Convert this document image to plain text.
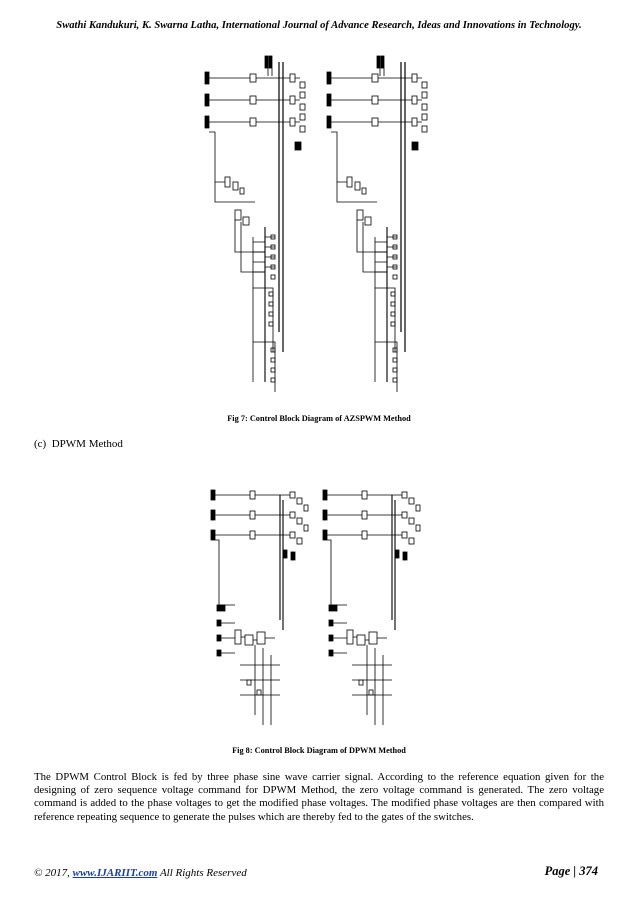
Swathi Kandukuri, K. Swarna Latha, International Journal of Advance Research, Ideas and Innovations in Technology.
Fig 7: Control Block Diagram of AZSPWM Method
(c) DPWM Method
Fig 8: Control Block Diagram of DPWM Method
The DPWM Control Block is fed by three phase sine wave carrier signal. According to the reference equation given for the designing of zero sequence voltage command for DPWM Method, the zero voltage command is generated. The zero voltage command is added to the phase voltages to get the modified phase voltages. The modified phase voltages are then compared with reference repeating sequence to generate the pulses which are thereby fed to the gates of the switches.
© 2017, www.IJARIIT.com All Rights Reserved	Page | 374
